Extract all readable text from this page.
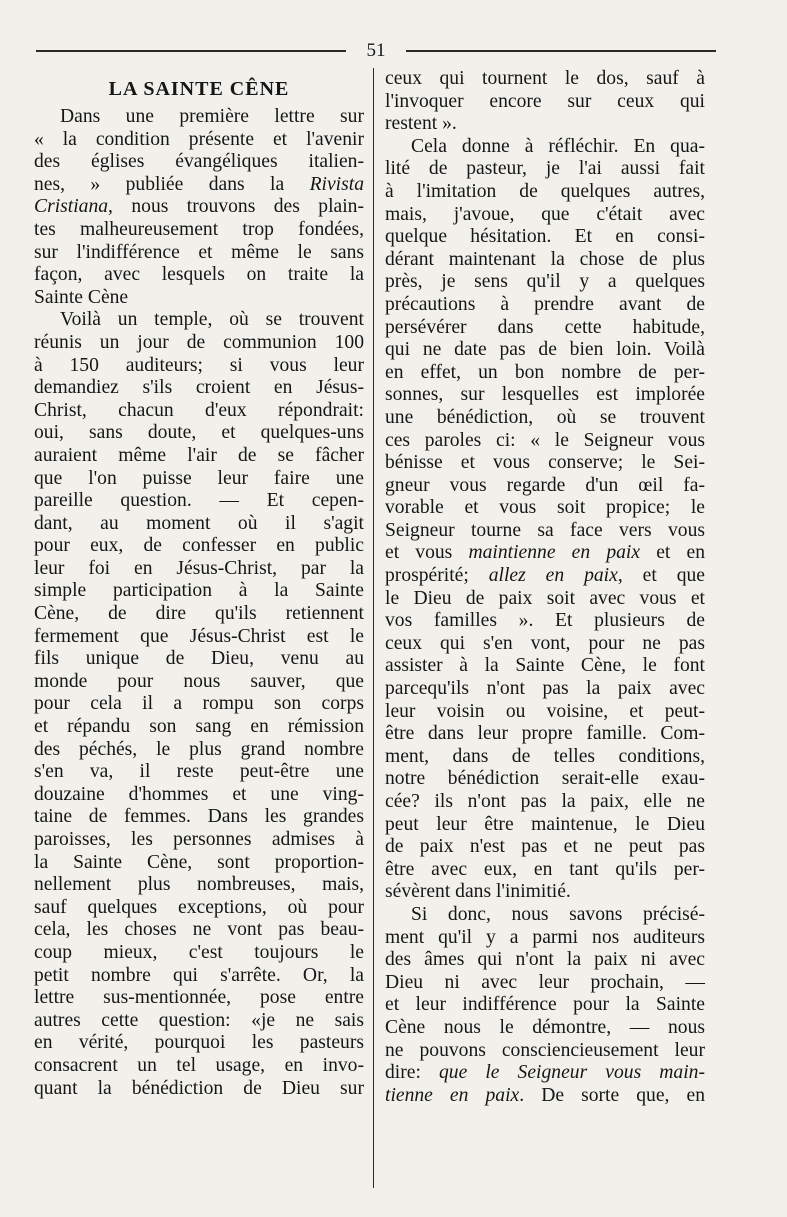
51
LA SAINTE CÊNE
Dans une première lettre sur
« la condition présente et l'avenir
des églises évangéliques italien-
nes, » publiée dans la Rivista
Cristiana, nous trouvons des plain-
tes malheureusement trop fondées,
sur l'indifférence et même le sans
façon, avec lesquels on traite la
Sainte Cène
Voilà un temple, où se trouvent
réunis un jour de communion 100
à 150 auditeurs; si vous leur
demandiez s'ils croient en Jésus-
Christ, chacun d'eux répondrait:
oui, sans doute, et quelques-uns
auraient même l'air de se fâcher
que l'on puisse leur faire une
pareille question. — Et cepen-
dant, au moment où il s'agit
pour eux, de confesser en public
leur foi en Jésus-Christ, par la
simple participation à la Sainte
Cène, de dire qu'ils retiennent
fermement que Jésus-Christ est le
fils unique de Dieu, venu au
monde pour nous sauver, que
pour cela il a rompu son corps
et répandu son sang en rémission
des péchés, le plus grand nombre
s'en va, il reste peut-être une
douzaine d'hommes et une ving-
taine de femmes. Dans les grandes
paroisses, les personnes admises à
la Sainte Cène, sont proportion-
nellement plus nombreuses, mais,
sauf quelques exceptions, où pour
cela, les choses ne vont pas beau-
coup mieux, c'est toujours le
petit nombre qui s'arrête. Or, la
lettre sus-mentionnée, pose entre
autres cette question: «je ne sais
en vérité, pourquoi les pasteurs
consacrent un tel usage, en invo-
quant la bénédiction de Dieu sur
ceux qui tournent le dos, sauf à
l'invoquer encore sur ceux qui
restent ».
Cela donne à réfléchir. En qua-
lité de pasteur, je l'ai aussi fait
à l'imitation de quelques autres,
mais, j'avoue, que c'était avec
quelque hésitation. Et en consi-
dérant maintenant la chose de plus
près, je sens qu'il y a quelques
précautions à prendre avant de
persévérer dans cette habitude,
qui ne date pas de bien loin. Voilà
en effet, un bon nombre de per-
sonnes, sur lesquelles est implorée
une bénédiction, où se trouvent
ces paroles ci: « le Seigneur vous
bénisse et vous conserve; le Sei-
gneur vous regarde d'un œil fa-
vorable et vous soit propice; le
Seigneur tourne sa face vers vous
et vous maintienne en paix et en
prospérité; allez en paix, et que
le Dieu de paix soit avec vous et
vos familles ». Et plusieurs de
ceux qui s'en vont, pour ne pas
assister à la Sainte Cène, le font
parcequ'ils n'ont pas la paix avec
leur voisin ou voisine, et peut-
être dans leur propre famille. Com-
ment, dans de telles conditions,
notre bénédiction serait-elle exau-
cée? ils n'ont pas la paix, elle ne
peut leur être maintenue, le Dieu
de paix n'est pas et ne peut pas
être avec eux, en tant qu'ils per-
sévèrent dans l'inimitié.
Si donc, nous savons précisé-
ment qu'il y a parmi nos auditeurs
des âmes qui n'ont la paix ni avec
Dieu ni avec leur prochain, —
et leur indifférence pour la Sainte
Cène nous le démontre, — nous
ne pouvons consciencieusement leur
dire: que le Seigneur vous main-
tienne en paix. De sorte que, en
